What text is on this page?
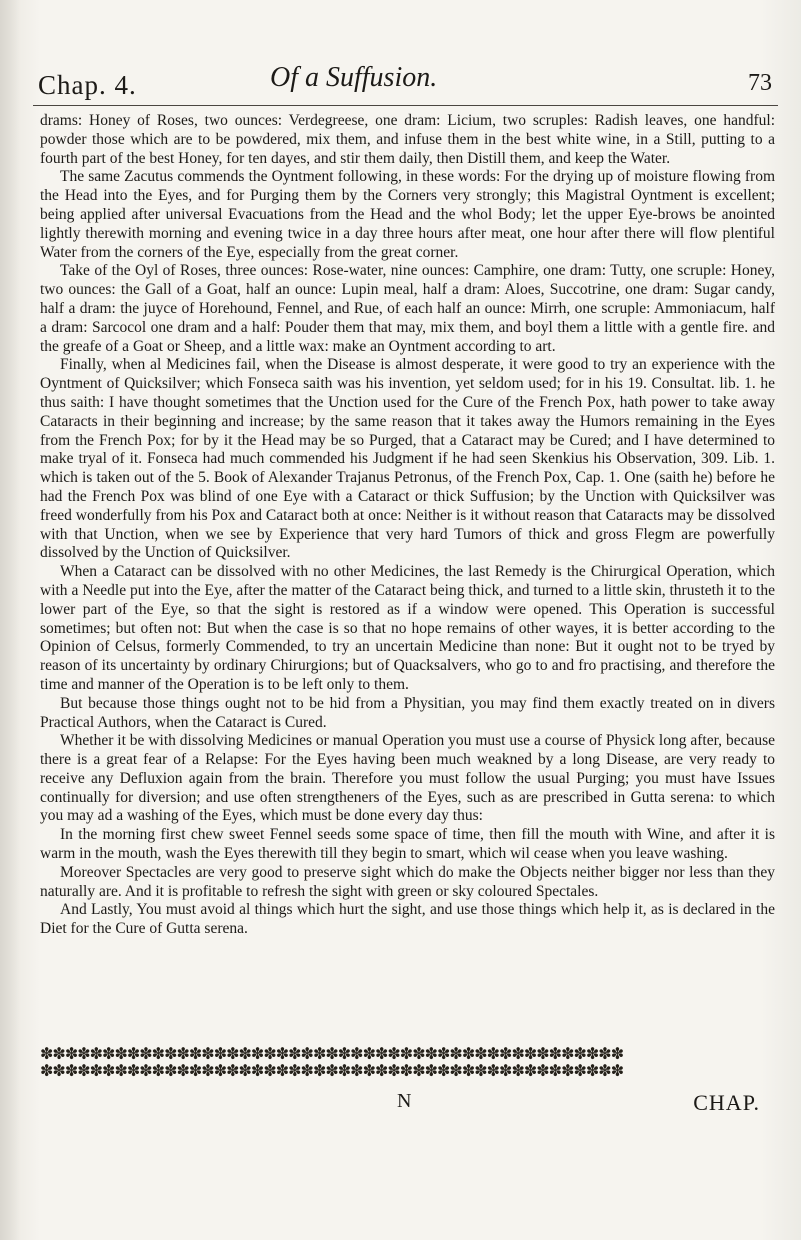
Chap. 4.	Of a Suffusion.	73

drams: Honey of Roses, two ounces: Verdegreese, one dram: Licium, two scruples: Radish leaves, one handful: powder those which are to be powdered, mix them, and infuse them in the best white wine, in a Still, putting to a fourth part of the best Honey, for ten dayes, and stir them daily, then Distill them, and keep the Water.

The same Zacutus commends the Oyntment following, in these words: For the drying up of moisture flowing from the Head into the Eyes, and for Purging them by the Corners very strongly; this Magistral Oyntment is excellent; being applied after universal Evacuations from the Head and the whol Body; let the upper Eye-brows be anointed lightly therewith morning and evening twice in a day three hours after meat, one hour after there will flow plentiful Water from the corners of the Eye, especially from the great corner.

Take of the Oyl of Roses, three ounces: Rose-water, nine ounces: Camphire, one dram: Tutty, one scruple: Honey, two ounces: the Gall of a Goat, half an ounce: Lupin meal, half a dram: Aloes, Succotrine, one dram: Sugar candy, half a dram: the juyce of Horehound, Fennel, and Rue, of each half an ounce: Mirrh, one scruple: Ammoniacum, half a dram: Sarcocol one dram and a half: Pouder them that may, mix them, and boyl them a little with a gentle fire. and the greafe of a Goat or Sheep, and a little wax: make an Oyntment according to art.

Finally, when al Medicines fail, when the Disease is almost desperate, it were good to try an experience with the Oyntment of Quicksilver; which Fonseca saith was his invention, yet seldom used; for in his 19. Consultat. lib. 1. he thus saith: I have thought sometimes that the Unction used for the Cure of the French Pox, hath power to take away Cataracts in their beginning and increase; by the same reason that it takes away the Humors remaining in the Eyes from the French Pox; for by it the Head may be so Purged, that a Cataract may be Cured; and I have determined to make tryal of it. Fonseca had much commended his Judgment if he had seen Skenkius his Observation, 309. Lib. 1. which is taken out of the 5. Book of Alexander Trajanus Petronus, of the French Pox, Cap. 1. One (saith he) before he had the French Pox was blind of one Eye with a Cataract or thick Suffusion; by the Unction with Quicksilver was freed wonderfully from his Pox and Cataract both at once: Neither is it without reason that Cataracts may be dissolved with that Unction, when we see by Experience that very hard Tumors of thick and gross Flegm are powerfully dissolved by the Unction of Quicksilver.

When a Cataract can be dissolved with no other Medicines, the last Remedy is the Chirurgical Operation, which with a Needle put into the Eye, after the matter of the Cataract being thick, and turned to a little skin, thrusteth it to the lower part of the Eye, so that the sight is restored as if a window were opened. This Operation is successful sometimes; but often not: But when the case is so that no hope remains of other wayes, it is better according to the Opinion of Celsus, formerly Commended, to try an uncertain Medicine than none: But it ought not to be tryed by reason of its uncertainty by ordinary Chirurgions; but of Quacksalvers, who go to and fro practising, and therefore the time and manner of the Operation is to be left only to them.

But because those things ought not to be hid from a Physitian, you may find them exactly treated on in divers Practical Authors, when the Cataract is Cured.

Whether it be with dissolving Medicines or manual Operation you must use a course of Physick long after, because there is a great fear of a Relapse: For the Eyes having been much weakned by a long Disease, are very ready to receive any Defluxion again from the brain. Therefore you must follow the usual Purging; you must have Issues continually for diversion; and use often strengtheners of the Eyes, such as are prescribed in Gutta serena: to which you may ad a washing of the Eyes, which must be done every day thus:

In the morning first chew sweet Fennel seeds some space of time, then fill the mouth with Wine, and after it is warm in the mouth, wash the Eyes therewith till they begin to smart, which wil cease when you leave washing.

Moreover Spectacles are very good to preserve sight which do make the Objects neither bigger nor less than they naturally are. And it is profitable to refresh the sight with green or sky coloured Spectales.

And Lastly, You must avoid al things which hurt the sight, and use those things which help it, as is declared in the Diet for the Cure of Gutta serena.

✽✽✽✽✽✽✽✽✽✽✽✽✽✽✽✽✽✽✽✽✽✽✽✽✽✽✽✽✽✽✽✽✽✽✽✽✽✽✽✽✽✽✽✽✽✽✽
✽✽✽✽✽✽✽✽✽✽✽✽✽✽✽✽✽✽✽✽✽✽✽✽✽✽✽✽✽✽✽✽✽✽✽✽✽✽✽✽✽✽✽✽✽✽✽
N	CHAP.
